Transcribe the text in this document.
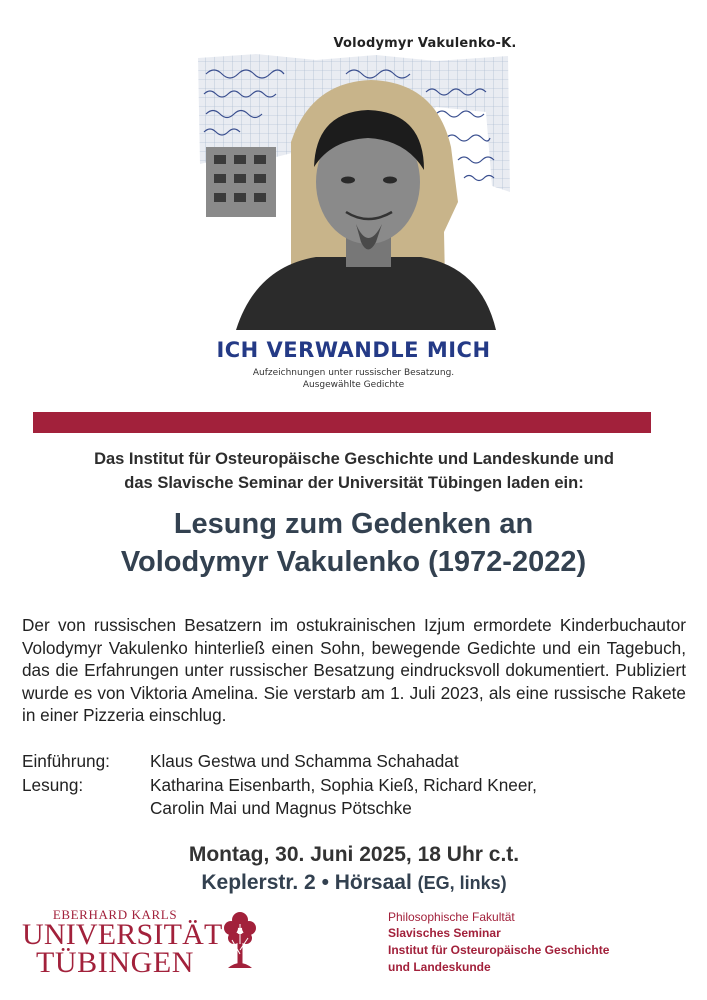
Volodymyr Vakulenko-K.
ICH VERWANDLE MICH
Aufzeichnungen unter russischer Besatzung.
Ausgewählte Gedichte
Das Institut für Osteuropäische Geschichte und Landeskunde und
das Slavische Seminar der Universität Tübingen laden ein:
Lesung zum Gedenken an
Volodymyr Vakulenko (1972-2022)
Der von russischen Besatzern im ostukrainischen Izjum ermordete Kinderbuchautor Volodymyr Vakulenko hinterließ einen Sohn, bewegende Gedichte und ein Tagebuch, das die Erfahrungen unter russischer Besatzung eindrucksvoll dokumentiert. Publiziert wurde es von Viktoria Amelina. Sie verstarb am 1. Juli 2023, als eine russische Rakete in einer Pizzeria einschlug.
Einführung: Klaus Gestwa und Schamma Schahadat
Lesung:	Katharina Eisenbarth, Sophia Kieß, Richard Kneer,
Carolin Mai und Magnus Pötschke
Montag, 30. Juni 2025, 18 Uhr c.t.
Keplerstr. 2 • Hörsaal (EG, links)
EBERHARD KARLS
UNIVERSITÄT
TÜBINGEN
Philosophische Fakultät
Slavisches Seminar
Institut für Osteuropäische Geschichte
und Landeskunde
